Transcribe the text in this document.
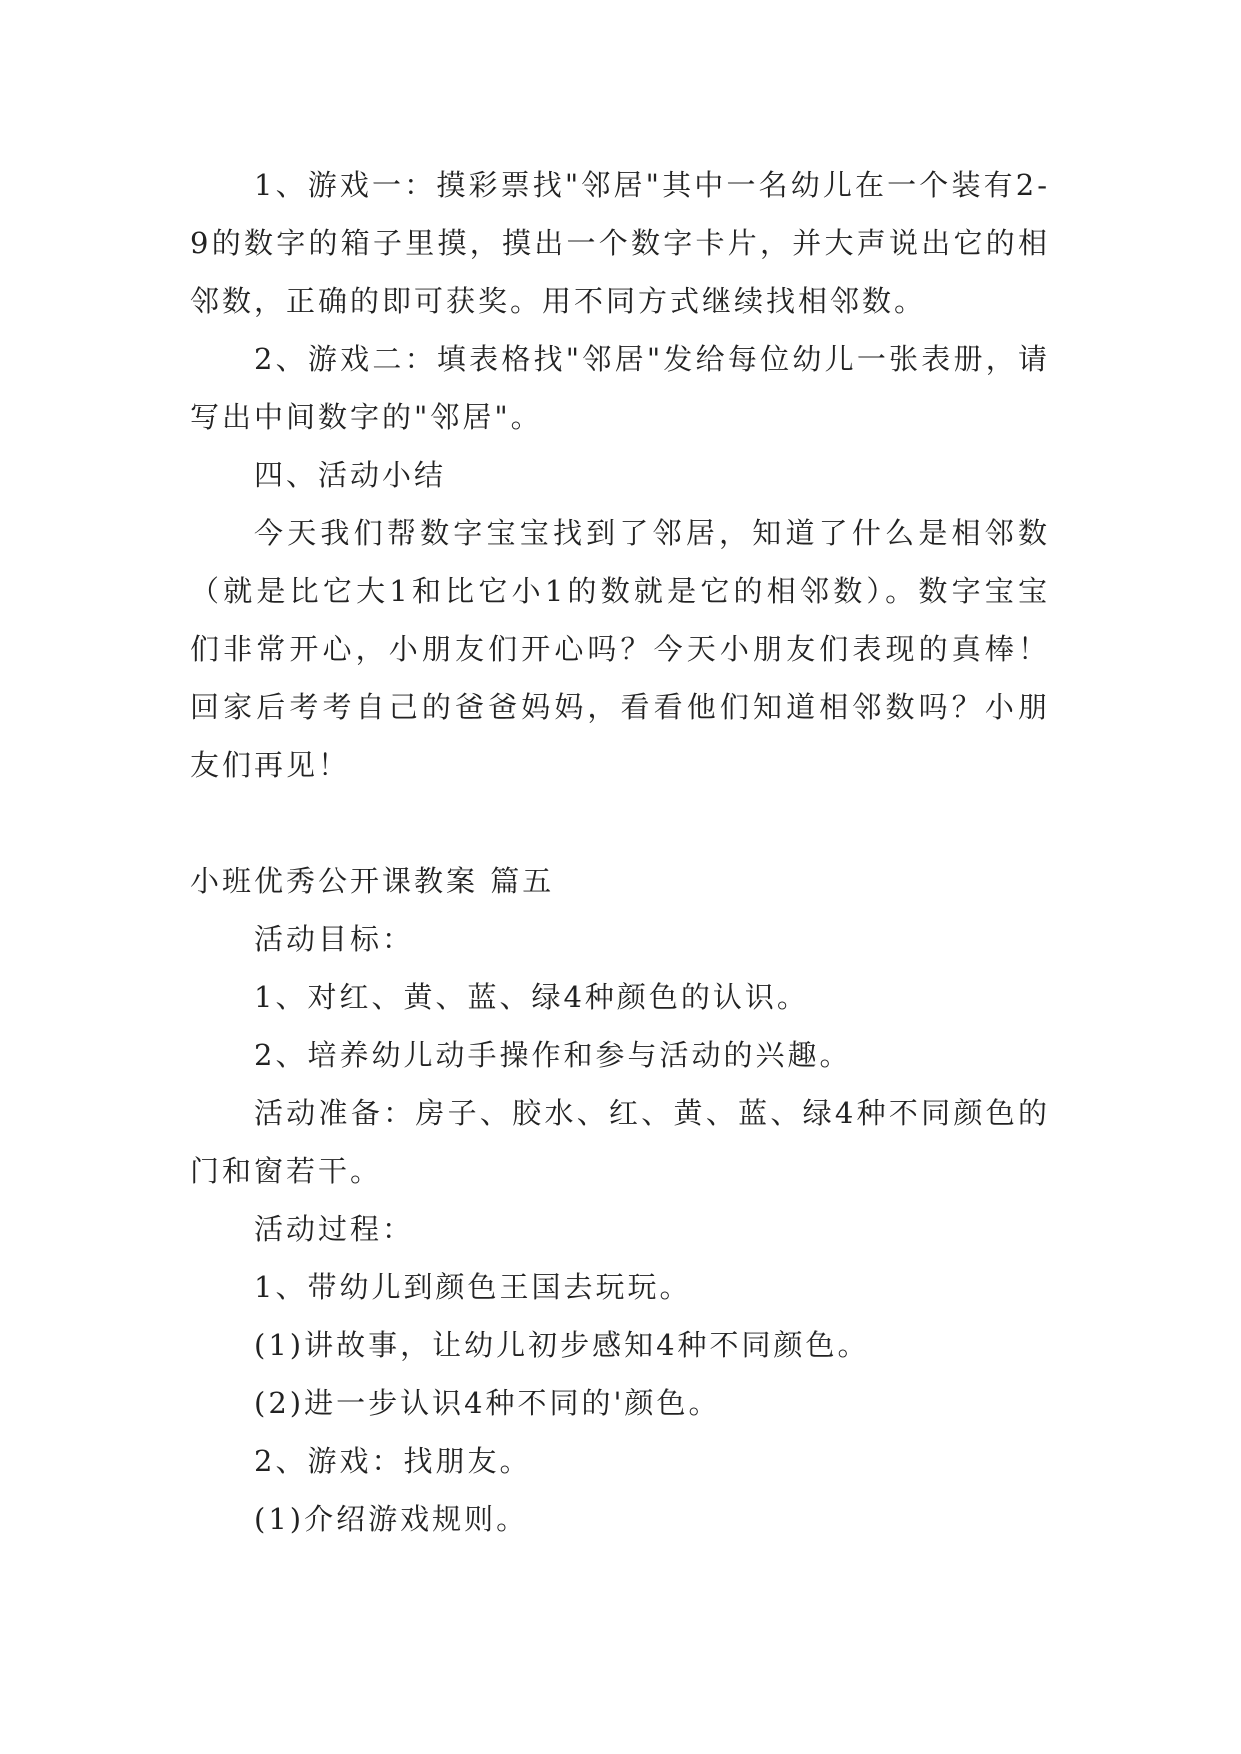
1、游戏一：摸彩票找"邻居"其中一名幼儿在一个装有2-9的数字的箱子里摸，摸出一个数字卡片，并大声说出它的相邻数，正确的即可获奖。用不同方式继续找相邻数。

2、游戏二：填表格找"邻居"发给每位幼儿一张表册，请写出中间数字的"邻居"。

四、活动小结

今天我们帮数字宝宝找到了邻居，知道了什么是相邻数（就是比它大1和比它小1的数就是它的相邻数）。数字宝宝们非常开心，小朋友们开心吗？今天小朋友们表现的真棒！回家后考考自己的爸爸妈妈，看看他们知道相邻数吗？小朋友们再见！

小班优秀公开课教案 篇五

活动目标：

1、对红、黄、蓝、绿4种颜色的认识。

2、培养幼儿动手操作和参与活动的兴趣。

活动准备：房子、胶水、红、黄、蓝、绿4种不同颜色的门和窗若干。

活动过程：

1、带幼儿到颜色王国去玩玩。

(1)讲故事，让幼儿初步感知4种不同颜色。

(2)进一步认识4种不同的'颜色。

2、游戏：找朋友。

(1)介绍游戏规则。
